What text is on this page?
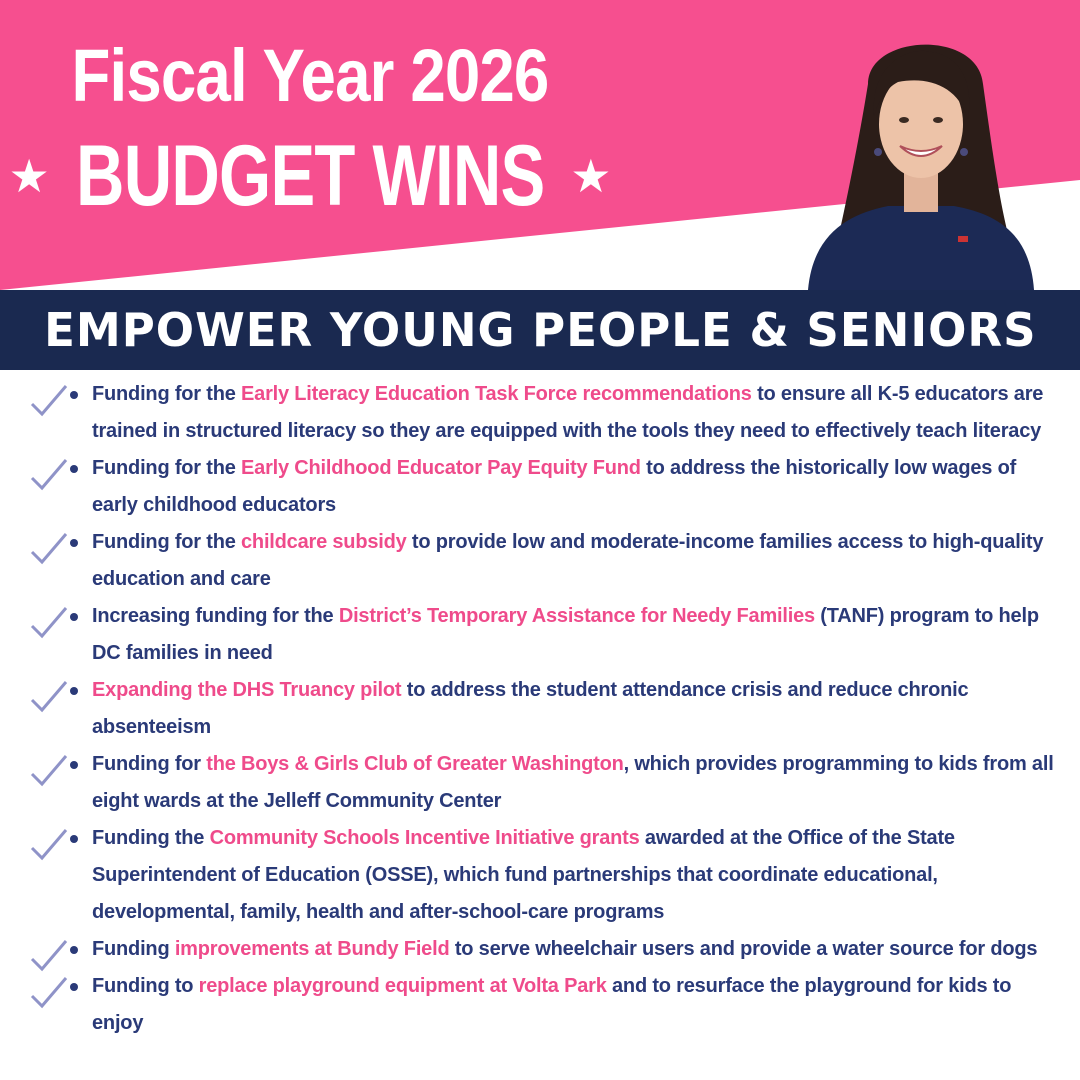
Fiscal Year 2026
★ BUDGET WINS ★
EMPOWER YOUNG PEOPLE & SENIORS
Funding for the Early Literacy Education Task Force recommendations to ensure all K-5 educators are trained in structured literacy so they are equipped with the tools they need to effectively teach literacy
Funding for the Early Childhood Educator Pay Equity Fund to address the historically low wages of early childhood educators
Funding for the childcare subsidy to provide low and moderate-income families access to high-quality education and care
Increasing funding for the District’s Temporary Assistance for Needy Families (TANF) program to help DC families in need
Expanding the DHS Truancy pilot to address the student attendance crisis and reduce chronic absenteeism
Funding for the Boys & Girls Club of Greater Washington, which provides programming to kids from all eight wards at the Jelleff Community Center
Funding the Community Schools Incentive Initiative grants awarded at the Office of the State Superintendent of Education (OSSE), which fund partnerships that coordinate educational, developmental, family, health and after-school-care programs
Funding improvements at Bundy Field to serve wheelchair users and provide a water source for dogs
Funding to replace playground equipment at Volta Park and to resurface the playground for kids to enjoy
